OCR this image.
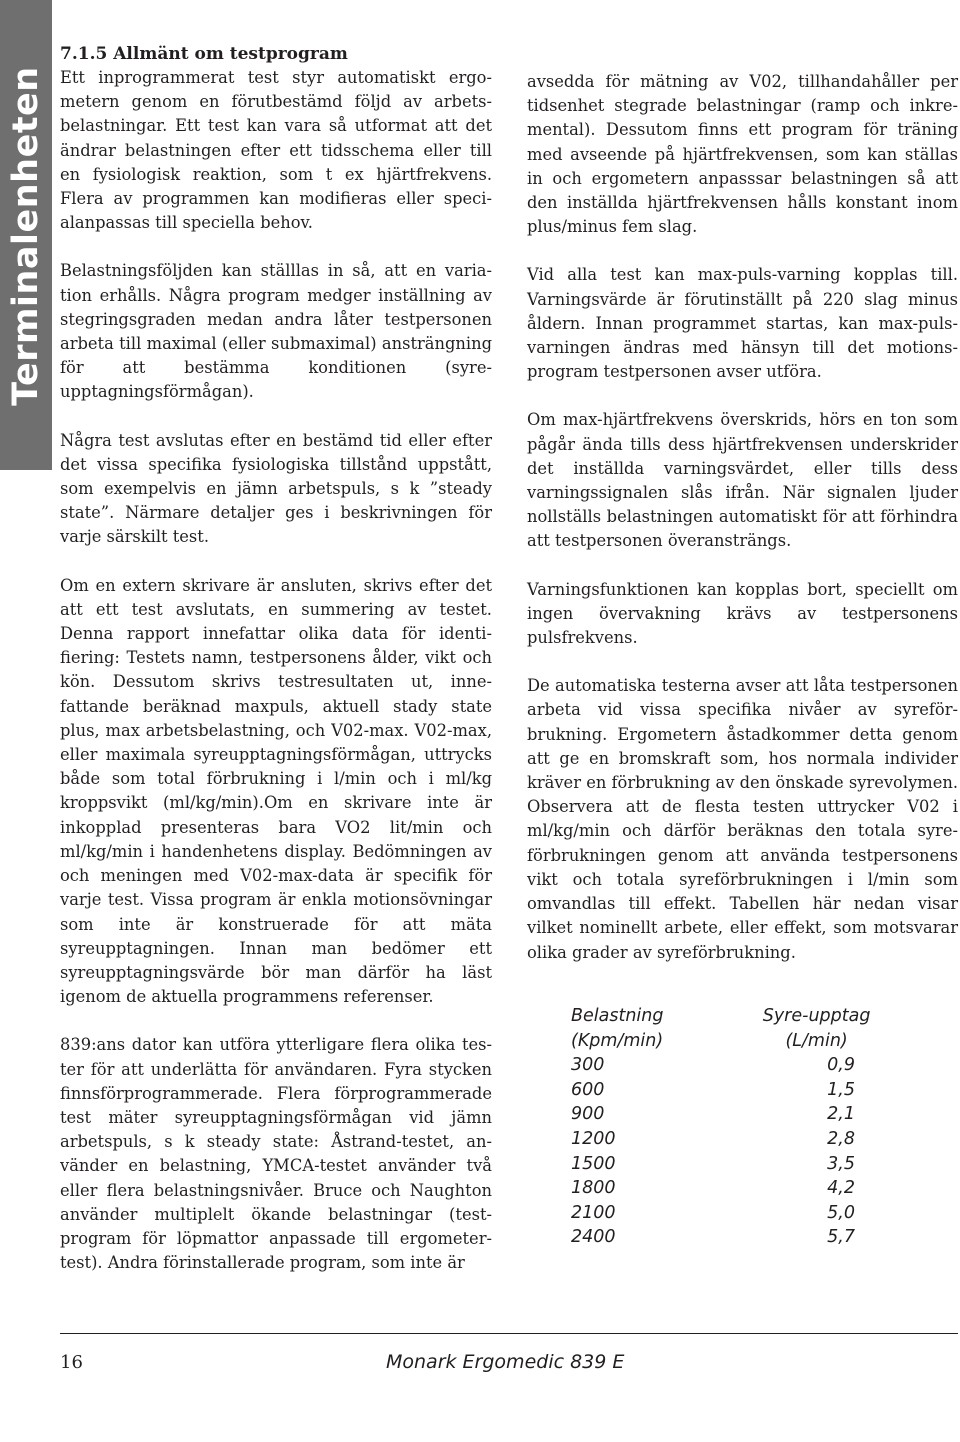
Terminalenheten
7.1.5 Allmänt om testprogram

Ett inprogrammerat test styr automatiskt ergometern genom en förutbestämd följd av arbetsbelastningar. Ett test kan vara så utformat att det ändrar belastningen efter ett tidsschema eller till en fysiologisk reaktion, som t ex hjärtfrekvens. Flera av programmen kan modifieras eller specialanpassas till speciella behov.

Belastningsföljden kan ställlas in så, att en variation erhålls. Några program medger inställning av stegringsgraden medan andra låter testpersonen arbeta till maximal (eller submaximal) ansträngning för att bestämma konditionen (syreupptagningsförmågan).

Några test avslutas efter en bestämd tid eller efter det vissa specifika fysiologiska tillstånd uppstått, som exempelvis en jämn arbetspuls, s k ”steady state”. Närmare detaljer ges i beskrivningen för varje särskilt test.

Om en extern skrivare är ansluten, skrivs efter det att ett test avslutats, en summering av testet. Denna rapport innefattar olika data för identifiering: Testets namn, testpersonens ålder, vikt och kön. Dessutom skrivs testresultaten ut, innefattande beräknad maxpuls, aktuell stady state plus, max arbetsbelastning, och V02-max. V02-max, eller maximala syreupptagningsförmågan, uttrycks både som total förbrukning i l/min och i ml/kg kroppsvikt (ml/kg/min).Om en skrivare inte är inkopplad presenteras bara VO2 lit/min och ml/kg/min i handenhetens display. Bedömningen av och meningen med V02-max-data är specifik för varje test. Vissa program är enkla motionsövningar som inte är konstruerade för att mäta syreupptagningen. Innan man bedömer ett syreupptagningsvärde bör man därför ha läst igenom de aktuella programmens referenser.

839:ans dator kan utföra ytterligare flera olika tester för att underlätta för användaren. Fyra stycken finnsförprogrammerade. Flera förprogrammerade test mäter syreupptagningsförmågan vid jämn arbetspuls, s k steady state: Åstrand-testet, använder en belastning, YMCA-testet använder två eller flera belastningsnivåer. Bruce och Naughton använder multiplelt ökande belastningar (testprogram för löpmattor anpassade till ergometertest). Andra förinstallerade program, som inte är

avsedda för mätning av V02, tillhandahåller per tidsenhet stegrade belastningar (ramp och inkremental). Dessutom finns ett program för träning med avseende på hjärtfrekvensen, som kan ställas in och ergometern anpasssar belastningen så att den inställda hjärtfrekvensen hålls konstant inom plus/minus fem slag.

Vid alla test kan max-puls-varning kopplas till. Varningsvärde är förutinställt på 220 slag minus åldern. Innan programmet startas, kan max-pulsvarningen ändras med hänsyn till det motionsprogram testpersonen avser utföra.

Om max-hjärtfrekvens överskrids, hörs en ton som pågår ända tills dess hjärtfrekvensen underskrider det inställda varningsvärdet, eller tills dess varningssignalen slås ifrån. När signalen ljuder nollställs belastningen automatiskt för att förhindra att testpersonen överansträngs.

Varningsfunktionen kan kopplas bort, speciellt om ingen övervakning krävs av testpersonens pulsfrekvens.

De automatiska testerna avser att låta testpersonen arbeta vid vissa specifika nivåer av syreförbrukning. Ergometern åstadkommer detta genom att ge en bromskraft som, hos normala individer kräver en förbrukning av den önskade syrevolymen. Observera att de flesta testen uttrycker V02 i ml/kg/min och därför beräknas den totala syreförbrukningen genom att använda testpersonens vikt och totala syreförbrukningen i l/min som omvandlas till effekt. Tabellen här nedan visar vilket nominellt arbete, eller effekt, som motsvarar olika grader av syreförbrukning.

Belastning	Syre-upptag
(Kpm/min)	(L/min)
300	0,9
600	1,5
900	2,1
1200	2,8
1500	3,5
1800	4,2
2100	5,0
2400	5,7
16	Monark Ergomedic 839 E
